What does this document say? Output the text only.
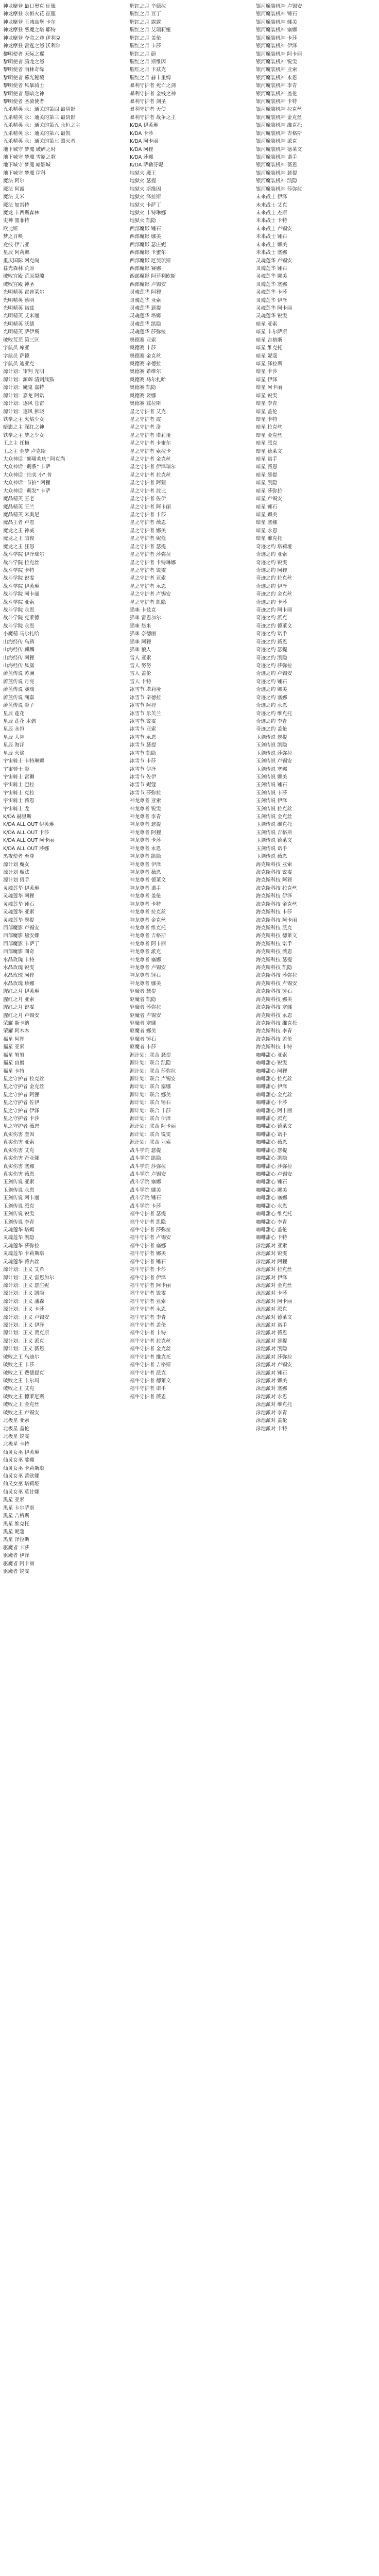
神龙摩登 最日奥克 征服
神龙摩登 永恒火花 征服
神龙摩登 王城高堡 卡尔
神龙摩登 恶魔之塔 耶特
神龙摩登 夺命之斧 伊利克
神龙摩登 雷霆之怒 沃利尔
黎明使者 天际之翼
黎明使者 腾龙之怒
黎明使者 雨林奇缘
黎明使者 暮光秘境
黎明使者 风暴骑士
黎明使者 黑暗之神
黎明使者 圣骑使者
五杀精英 永：通关的第四 最阴影
五杀精英 永：通关的第三 最阴影
五杀精英 永：通关的第五 永恒之主
五杀精英 永：通关的第六 最凯
五杀精英 永：通关的第七 毁灭者
地下城守 梦魇 破碎之时
地下城守 梦魇 雪原之歌
地下城守 梦魇 暗影城
地下城守 梦魇 伊科
魔法 阿尔
魔法 阿露
魔法 艾米
魔法 加雷特
魔龙 卡西斯森林
史神 墨菲特
欧比斯
梦之召唤
竞技 伊吉亚
星辰 阿莉娜
重庆国际 阿克尚
暮光森林 荒原
破败宫殿 荒原裂隙
破败宫殿 神圣
光明精英 霍普莱尔
光明精英 蔡明
光明精英 诺兹
光明精英 艾米丽
光明精英 沃德
光明精英 萨伊斯
破败荒芜 第三区
字航员 库亚
字航员 萨德
字航员 迪亚克
源计划：审判 光明
源计划：源辉 清剿熊猫
源计划：魔鬼 嘉特
源计划：嘉龙 阿诺
源计划：逐风 苍雷
源计划：逐风 拂晓
铁拳之主 火焰少女
暗影之主 深红之神
铁拳之主 梦之少女
王之主 托梅
王之主 金梦 卢克斯
大众神话 "狮啸欢庆" 阿克尚
大众神话 "萌系" 卡萨
大众神话 "拍卖 小" 普
大众神话 "节拍" 阿狸
大众神话 "萌发" 卡萨
魔晶精英 王老
魔晶精英 王兰
魔晶精英 米奥尼
魔晶王者 卢恩
魔龙之王 神威
魔龙之王 暗夜
魔龙之王 狂怒
战斗学院 伊泽瑞尔
战斗学院 拉克丝
战斗学院 卡特
战斗学院 锐雯
战斗学院 伊芙琳
战斗学院 阿卡丽
战斗学院 亚索
战斗学院 永恩
战斗学院 克莱德
战斗学院 永恩
小魔精 马尔扎哈
山海经传 乌鸦
山海经传 麒麟
山海经传 阿狸
山海经传 凤凰
蔚蓝传说 苏澜
蔚蓝传说 月亮
蔚蓝传说 赛瑞
蔚蓝传说 澜嘉
蔚蓝传说 影子
星辰 莲花
星辰 莲花 木偶
星辰 永恒
星辰 大神
星辰 海洋
星辰 火焰
宇宙骑士 卡特琳娜
宇宙骑士 影
宇宙骑士 雷狮
宇宙骑士 巴拉
宇宙骑士 克拉
宇宙骑士 薇恩
宇宙骑士 龙
K/DA 赫里斯
K/DA ALL OUT 伊芙琳
K/DA ALL OUT 卡莎
K/DA ALL OUT 阿卡丽
K/DA ALL OUT 莎娜
黑夜使者 至尊
源计划 魔女
源计划 魔法
源计划 猎手
灵魂莲华 伊芙琳
灵魂莲华 阿狸
灵魂莲华 锤石
灵魂莲华 亚索
灵魂莲华 瑟提
西部魔影 卢锡安
西部魔影 黛安娜
西部魔影 卡萨丁
西部魔影 图奇
水晶玫瑰 卡特
水晶玫瑰 锐雯
水晶玫瑰 阿狸
水晶玫瑰 珍娜
腥红之月 伊芙琳
腥红之月 亚索
腥红之月 锐雯
腥红之月 卢锡安
荣耀 斯卡纳
荣耀 阿木木
福星 阿狸
福星 亚索
福星 努努
福星 盲僧
福星 卡特
星之守护者 拉克丝
星之守护者 金克丝
星之守护者 阿狸
星之守护者 佐伊
星之守护者 伊泽
星之守护者 卡莎
星之守护者 薇恩
真实伤害 奎因
真实伤害 亚索
真实伤害 艾克
真实伤害 奇亚娜
真实伤害 塞娜
真实伤害 薇恩
玉剑传说 亚索
玉剑传说 永恩
玉剑传说 阿卡丽
玉剑传说 派克
玉剑传说 锐雯
玉剑传说 李青
灵魂莲华 塔姆
灵魂莲华 凯隐
灵魂莲华 莎弥拉
灵魂莲华 卡莉斯塔
灵魂莲华 薇古丝
源计划：正义 艾希
源计划：正义 雷恩加尔
源计划：正义 瑟庄妮
源计划：正义 凯隐
源计划：正义 潘森
源计划：正义 卡莎
源计划：正义 卢锡安
源计划：正义 伊泽
源计划：正义 贾克斯
源计划：正义 派克
源计划：正义 薇恩
破败之王 乌迪尔
破败之王 卡莎
破败之王 费德提克
破败之王 卡尔玛
破败之王 艾克
破败之王 德莱厄斯
破败之王 金克丝
破败之王 卢锡安
北极星 亚索
北极星 盖伦
北极星 锐雯
北极星 卡特
仙灵女巫 伊芙琳
仙灵女巫 娑娜
仙灵女巫 卡莉斯塔
仙灵女巫 蕾欧娜
仙灵女巫 塔莉垭
仙灵女巫 莫甘娜
黑星 亚索
黑星 卡尔萨斯
黑星 吉格斯
黑星 维克托
黑星 妮蔻
黑星 泽拉斯
驱魔者 卡莎
驱魔者 伊泽
驱魔者 阿卡丽
驱魔者 锐雯
腥红之月 辛德拉
腥红之月 豆丁
腥红之月 露露
腥红之月 艾瑞莉娅
腥红之月 盖伦
腥红之月 卡莎
腥红之月 蔚
腥红之月 斯维因
腥红之月 卡兹克
腥红之月 赫卡里姆
暴利守护者 死亡之剑
暴利守护者 金钱之神
暴利守护者 剑圣
暴利守护者 天使
暴利守护者 战争之王
K/DA 伊芙琳
K/DA 卡莎
K/DA 阿卡丽
K/DA 阿狸
K/DA 莎娜
K/DA 萨勒芬妮
地狱火 魔王
地狱火 瑟提
地狱火 斯维因
地狱火 泽拉斯
地狱火 卡萨丁
地狱火 卡特琳娜
地狱火 凯隐
西部魔影 锤石
西部魔影 娜美
西部魔影 瑟庄妮
西部魔影 卡蜜尔
西部魔影 厄斐琉斯
西部魔影 赛娜
西部魔影 阿菲利欧斯
西部魔影 卢锡安
灵魂莲华 阿狸
灵魂莲华 亚索
灵魂莲华 瑟提
灵魂莲华 塔姆
灵魂莲华 凯隐
灵魂莲华 莎弥拉
奥德赛 亚索
奥德赛 卡莎
奥德赛 金克丝
奥德赛 辛德拉
奥德赛 希维尔
奥德赛 马尔扎哈
奥德赛 凯隐
奥德赛 娑娜
奥德赛 兹拉斯
星之守护者 艾克
星之守护者 霞
星之守护者 洛
星之守护者 塔莉垭
星之守护者 卡蜜尔
星之守护者 索拉卡
星之守护者 金克丝
星之守护者 伊泽瑞尔
星之守护者 拉克丝
星之守护者 阿狸
星之守护者 波比
星之守护者 佐伊
星之守护者 阿卡丽
星之守护者 卡莎
星之守护者 薇恩
星之守护者 娜美
星之守护者 妮蔻
星之守护者 瑟提
星之守护者 莎弥拉
星之守护者 卡特琳娜
星之守护者 锐雯
星之守护者 亚索
星之守护者 永恩
星之守护者 卢锡安
星之守护者 凯隐
猫咪 卡兹克
猫咪 雷恩加尔
猫咪 悠米
猫咪 奈德丽
猫咪 阿狸
猫咪 狼人
雪人 亚索
雪人 努努
雪人 盖伦
雪人 卡特
冰雪节 塔莉垭
冰雪节 辛德拉
冰雪节 阿狸
冰雪节 乐芙兰
冰雪节 锐雯
冰雪节 亚索
冰雪节 永恩
冰雪节 瑟提
冰雪节 凯隐
冰雪节 卡莎
冰雪节 伊泽
冰雪节 佐伊
冰雪节 妮蔻
冰雪节 莎弥拉
神龙尊者 亚索
神龙尊者 锐雯
神龙尊者 李青
神龙尊者 瑟提
神龙尊者 阿狸
神龙尊者 卡莎
神龙尊者 永恩
神龙尊者 凯隐
神龙尊者 伊泽
神龙尊者 薇恩
神龙尊者 德莱文
神龙尊者 诺手
神龙尊者 盖伦
神龙尊者 卡特
神龙尊者 拉克丝
神龙尊者 金克丝
神龙尊者 维克托
神龙尊者 吉格斯
神龙尊者 阿卡丽
神龙尊者 派克
神龙尊者 塞娜
神龙尊者 卢锡安
神龙尊者 锤石
神龙尊者 娜美
驱魔者 瑟提
驱魔者 凯隐
驱魔者 莎弥拉
驱魔者 卢锡安
驱魔者 塞娜
驱魔者 娜美
驱魔者 锤石
驱魔者 卡莎
源计划：联合 瑟提
源计划：联合 凯隐
源计划：联合 莎弥拉
源计划：联合 卢锡安
源计划：联合 塞娜
源计划：联合 娜美
源计划：联合 锤石
源计划：联合 卡莎
源计划：联合 伊泽
源计划：联合 阿卡丽
源计划：联合 锐雯
源计划：联合 亚索
战斗学院 瑟提
战斗学院 凯隐
战斗学院 莎弥拉
战斗学院 卢锡安
战斗学院 塞娜
战斗学院 娜美
战斗学院 锤石
战斗学院 卡莎
福牛守护者 瑟提
福牛守护者 凯隐
福牛守护者 莎弥拉
福牛守护者 卢锡安
福牛守护者 塞娜
福牛守护者 娜美
福牛守护者 锤石
福牛守护者 卡莎
福牛守护者 伊泽
福牛守护者 阿卡丽
福牛守护者 锐雯
福牛守护者 亚索
福牛守护者 永恩
福牛守护者 李青
福牛守护者 盖伦
福牛守护者 卡特
福牛守护者 拉克丝
福牛守护者 金克丝
福牛守护者 维克托
福牛守护者 吉格斯
福牛守护者 派克
福牛守护者 德莱文
福牛守护者 诺手
福牛守护者 薇恩
银河魔装机神 卢锡安
银河魔装机神 锤石
银河魔装机神 娜美
银河魔装机神 塞娜
银河魔装机神 卡莎
银河魔装机神 伊泽
银河魔装机神 阿卡丽
银河魔装机神 锐雯
银河魔装机神 亚索
银河魔装机神 永恩
银河魔装机神 李青
银河魔装机神 盖伦
银河魔装机神 卡特
银河魔装机神 拉克丝
银河魔装机神 金克丝
银河魔装机神 维克托
银河魔装机神 吉格斯
银河魔装机神 派克
银河魔装机神 德莱文
银河魔装机神 诺手
银河魔装机神 薇恩
银河魔装机神 瑟提
银河魔装机神 凯隐
银河魔装机神 莎弥拉
未来战士 伊泽
未来战士 艾克
未来战士 杰斯
未来战士 卡特
未来战士 卢锡安
未来战士 锤石
未来战士 娜美
未来战士 塞娜
灵魂莲华 卢锡安
灵魂莲华 锤石
灵魂莲华 娜美
灵魂莲华 塞娜
灵魂莲华 卡莎
灵魂莲华 伊泽
灵魂莲华 阿卡丽
灵魂莲华 锐雯
暗星 亚索
暗星 卡尔萨斯
暗星 吉格斯
暗星 维克托
暗星 妮蔻
暗星 泽拉斯
暗星 卡莎
暗星 伊泽
暗星 阿卡丽
暗星 锐雯
暗星 李青
暗星 盖伦
暗星 卡特
暗星 拉克丝
暗星 金克丝
暗星 派克
暗星 德莱文
暗星 诺手
暗星 薇恩
暗星 瑟提
暗星 凯隐
暗星 莎弥拉
暗星 卢锡安
暗星 锤石
暗星 娜美
暗星 塞娜
暗星 永恩
暗星 维克托
奇迹之约 塔莉垭
奇迹之约 亚索
奇迹之约 锐雯
奇迹之约 阿狸
奇迹之约 拉克丝
奇迹之约 伊泽
奇迹之约 金克丝
奇迹之约 卡莎
奇迹之约 阿卡丽
奇迹之约 派克
奇迹之约 德莱文
奇迹之约 诺手
奇迹之约 薇恩
奇迹之约 瑟提
奇迹之约 凯隐
奇迹之约 莎弥拉
奇迹之约 卢锡安
奇迹之约 锤石
奇迹之约 娜美
奇迹之约 塞娜
奇迹之约 永恩
奇迹之约 维克托
奇迹之约 李青
奇迹之约 盖伦
玉剑传说 瑟提
玉剑传说 凯隐
玉剑传说 莎弥拉
玉剑传说 卢锡安
玉剑传说 塞娜
玉剑传说 娜美
玉剑传说 锤石
玉剑传说 卡莎
玉剑传说 伊泽
玉剑传说 拉克丝
玉剑传说 金克丝
玉剑传说 维克托
玉剑传说 吉格斯
玉剑传说 德莱文
玉剑传说 诺手
玉剑传说 薇恩
海克斯科技 亚索
海克斯科技 锐雯
海克斯科技 阿狸
海克斯科技 拉克丝
海克斯科技 伊泽
海克斯科技 金克丝
海克斯科技 卡莎
海克斯科技 阿卡丽
海克斯科技 派克
海克斯科技 德莱文
海克斯科技 诺手
海克斯科技 薇恩
海克斯科技 瑟提
海克斯科技 凯隐
海克斯科技 莎弥拉
海克斯科技 卢锡安
海克斯科技 锤石
海克斯科技 娜美
海克斯科技 塞娜
海克斯科技 永恩
海克斯科技 维克托
海克斯科技 李青
海克斯科技 盖伦
海克斯科技 卡特
咖啡甜心 亚索
咖啡甜心 锐雯
咖啡甜心 阿狸
咖啡甜心 拉克丝
咖啡甜心 伊泽
咖啡甜心 金克丝
咖啡甜心 卡莎
咖啡甜心 阿卡丽
咖啡甜心 派克
咖啡甜心 德莱文
咖啡甜心 诺手
咖啡甜心 薇恩
咖啡甜心 瑟提
咖啡甜心 凯隐
咖啡甜心 莎弥拉
咖啡甜心 卢锡安
咖啡甜心 锤石
咖啡甜心 娜美
咖啡甜心 塞娜
咖啡甜心 永恩
咖啡甜心 维克托
咖啡甜心 李青
咖啡甜心 盖伦
咖啡甜心 卡特
泳池派对 亚索
泳池派对 锐雯
泳池派对 阿狸
泳池派对 拉克丝
泳池派对 伊泽
泳池派对 金克丝
泳池派对 卡莎
泳池派对 阿卡丽
泳池派对 派克
泳池派对 德莱文
泳池派对 诺手
泳池派对 薇恩
泳池派对 瑟提
泳池派对 凯隐
泳池派对 莎弥拉
泳池派对 卢锡安
泳池派对 锤石
泳池派对 娜美
泳池派对 塞娜
泳池派对 永恩
泳池派对 维克托
泳池派对 李青
泳池派对 盖伦
泳池派对 卡特
